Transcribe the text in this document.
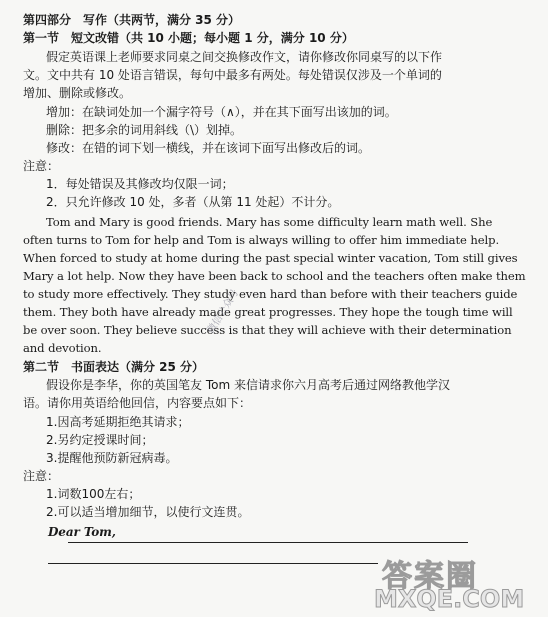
第四部分　写作（共两节，满分 35 分）
第一节　短文改错（共 10 小题；每小题 1 分，满分 10 分）
假定英语课上老师要求同桌之间交换修改作文，请你修改你同桌写的以下作
文。文中共有 10 处语言错误，每句中最多有两处。每处错误仅涉及一个单词的
增加、删除或修改。
增加：在缺词处加一个漏字符号（∧），并在其下面写出该加的词。
删除：把多余的词用斜线（\）划掉。
修改：在错的词下划一横线，并在该词下面写出修改后的词。
注意：
1．每处错误及其修改均仅限一词；
2．只允许修改 10 处，多者（从第 11 处起）不计分。
Tom and Mary is good friends. Mary has some difficulty learn math well. She
often turns to Tom for help and Tom is always willing to offer him immediate help.
When forced to study at home during the past special winter vacation, Tom still gives
Mary a lot help. Now they have been back to school and the teachers often make them
to study more effectively. They study even hard than before with their teachers guide
them. They both have already made great progresses. They hope the tough time will
be over soon. They believe success is that they will achieve with their determination
and devotion.
第二节　书面表达（满分 25 分）
假设你是李华，你的英国笔友 Tom 来信请求你六月高考后通过网络教他学汉
语。请你用英语给他回信，内容要点如下：
1.因高考延期拒绝其请求；
2.另约定授课时间；
3.提醒他预防新冠病毒。
注意：
1.词数100左右；
2.可以适当增加细节，以使行文连贯。
Dear Tom,
微信公众号
答案圈
MXQE.COM
